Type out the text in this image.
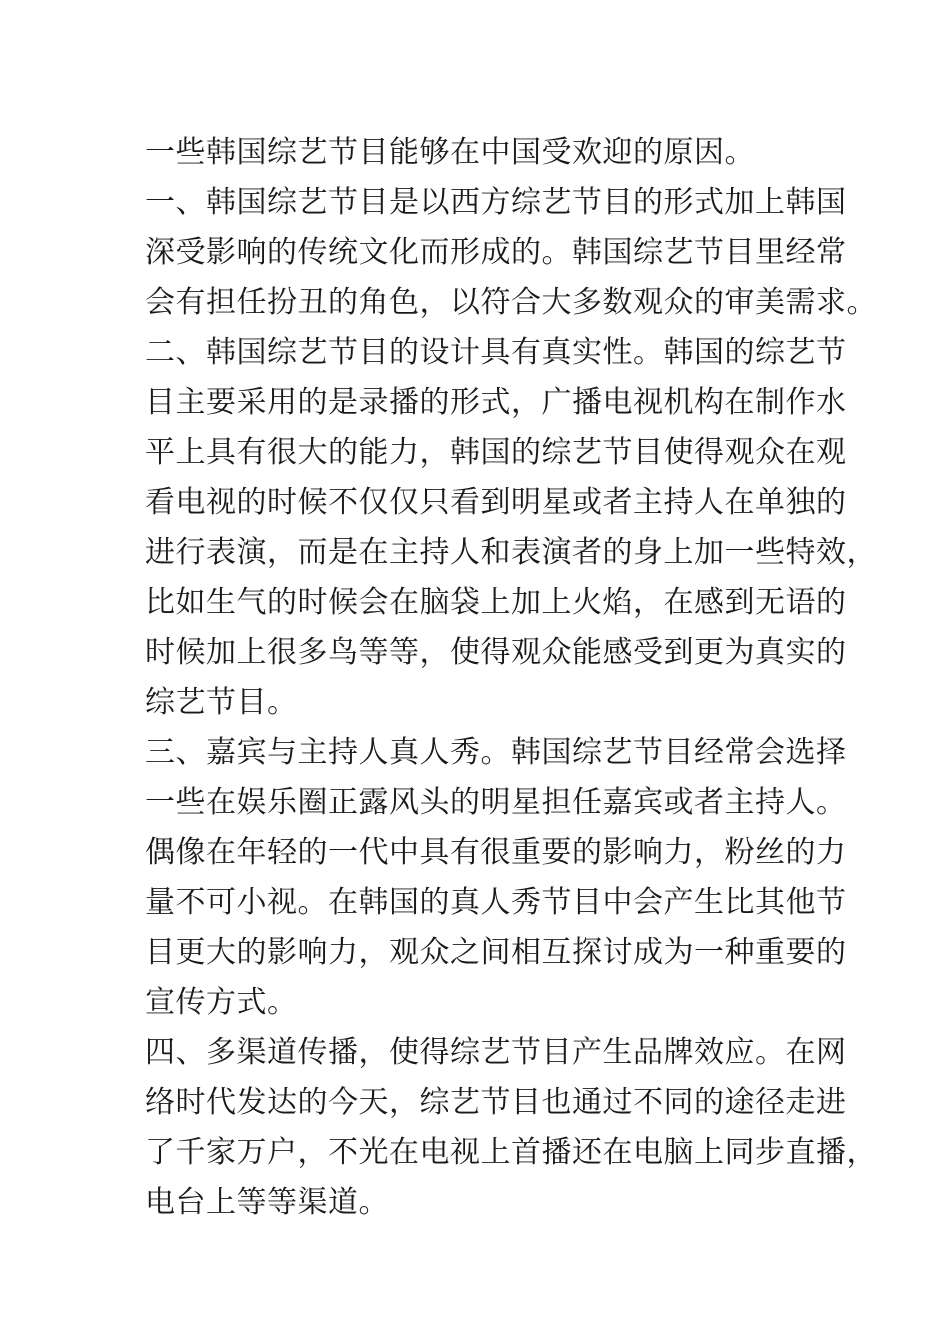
一些韩国综艺节目能够在中国受欢迎的原因。
一、韩国综艺节目是以西方综艺节目的形式加上韩国
深受影响的传统文化而形成的。韩国综艺节目里经常
会有担任扮丑的角色，以符合大多数观众的审美需求。
二、韩国综艺节目的设计具有真实性。韩国的综艺节
目主要采用的是录播的形式，广播电视机构在制作水
平上具有很大的能力，韩国的综艺节目使得观众在观
看电视的时候不仅仅只看到明星或者主持人在单独的
进行表演，而是在主持人和表演者的身上加一些特效，
比如生气的时候会在脑袋上加上火焰，在感到无语的
时候加上很多鸟等等，使得观众能感受到更为真实的
综艺节目。
三、嘉宾与主持人真人秀。韩国综艺节目经常会选择
一些在娱乐圈正露风头的明星担任嘉宾或者主持人。
偶像在年轻的一代中具有很重要的影响力，粉丝的力
量不可小视。在韩国的真人秀节目中会产生比其他节
目更大的影响力，观众之间相互探讨成为一种重要的
宣传方式。
四、多渠道传播，使得综艺节目产生品牌效应。在网
络时代发达的今天，综艺节目也通过不同的途径走进
了千家万户，不光在电视上首播还在电脑上同步直播，
电台上等等渠道。
